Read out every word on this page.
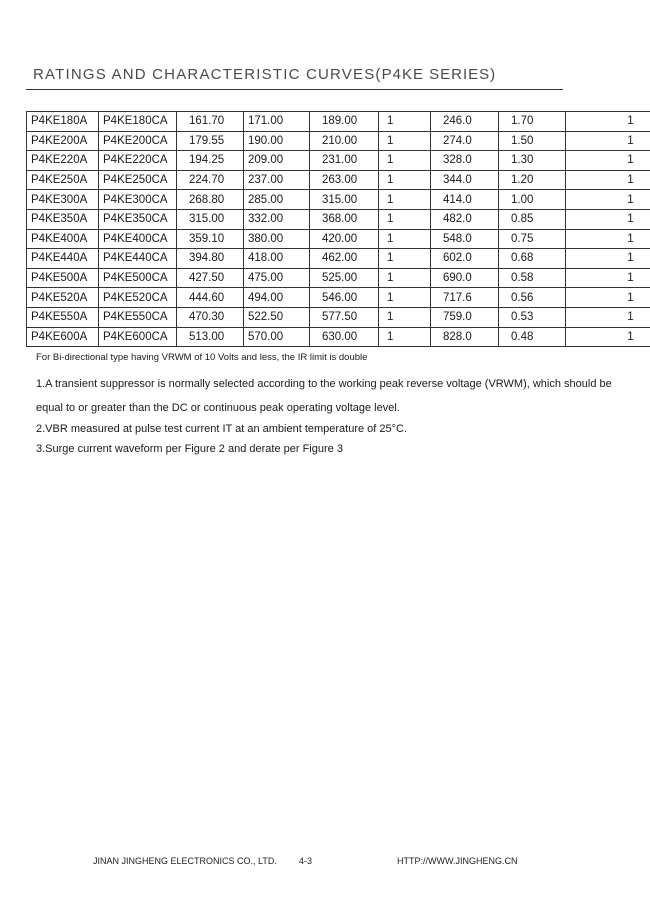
RATINGS AND CHARACTERISTIC CURVES(P4KE SERIES)
P4KE180A	P4KE180CA	161.70	171.00	189.00	1	246.0	1.70	1
P4KE200A	P4KE200CA	179.55	190.00	210.00	1	274.0	1.50	1
P4KE220A	P4KE220CA	194.25	209.00	231.00	1	328.0	1.30	1
P4KE250A	P4KE250CA	224.70	237.00	263.00	1	344.0	1.20	1
P4KE300A	P4KE300CA	268.80	285.00	315.00	1	414.0	1.00	1
P4KE350A	P4KE350CA	315.00	332.00	368.00	1	482.0	0.85	1
P4KE400A	P4KE400CA	359.10	380.00	420.00	1	548.0	0.75	1
P4KE440A	P4KE440CA	394.80	418.00	462.00	1	602.0	0.68	1
P4KE500A	P4KE500CA	427.50	475.00	525.00	1	690.0	0.58	1
P4KE520A	P4KE520CA	444.60	494.00	546.00	1	717.6	0.56	1
P4KE550A	P4KE550CA	470.30	522.50	577.50	1	759.0	0.53	1
P4KE600A	P4KE600CA	513.00	570.00	630.00	1	828.0	0.48	1
For Bi-directional type having VRWM of 10 Volts and less, the IR limit is double
1.A transient suppressor is normally selected according to the working peak reverse voltage (VRWM), which should be
equal to or greater than the DC or continuous peak operating voltage level.
2.VBR measured at pulse test current IT at an ambient temperature of 25°C.
3.Surge current waveform per Figure 2 and derate per Figure 3
JINAN JINGHENG ELECTRONICS CO., LTD. 4-3	HTTP://WWW.JINGHENG.CN
